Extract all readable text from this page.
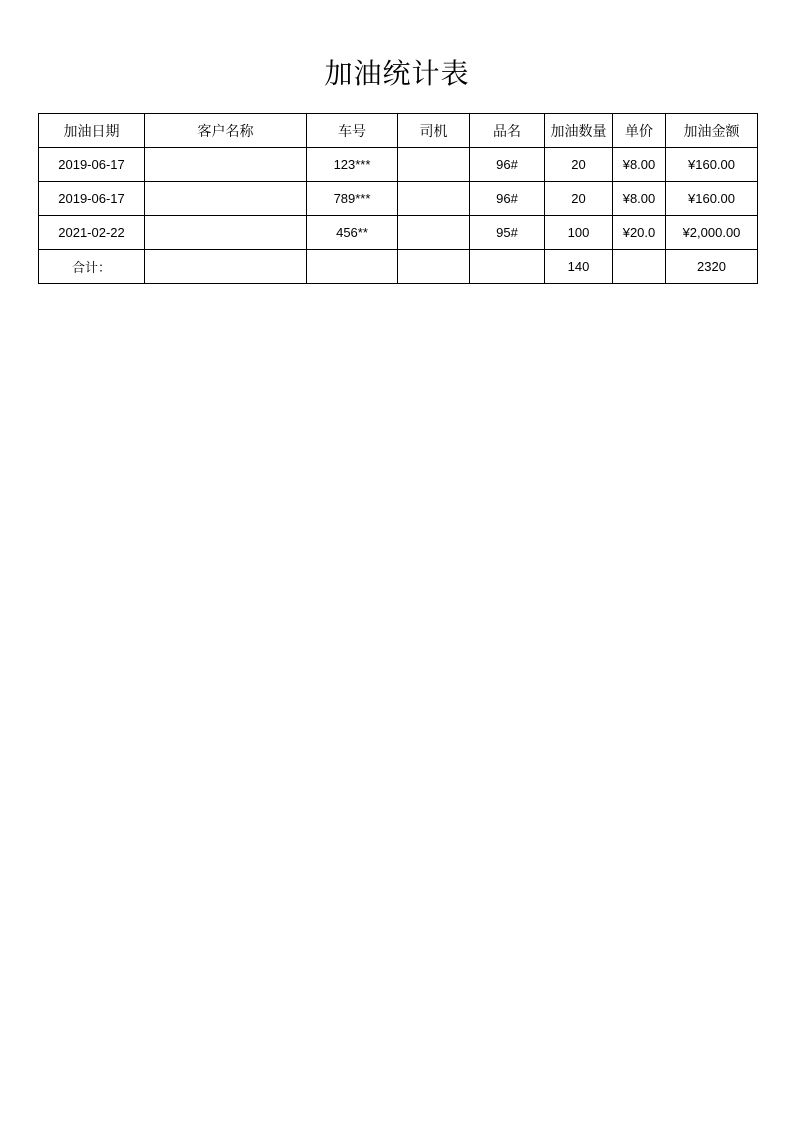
加油统计表
加油日期	客户名称	车号	司机	品名	加油数量	单价	加油金额
2019-06-17		123***		96#	20	¥8.00	¥160.00
2019-06-17		789***		96#	20	¥8.00	¥160.00
2021-02-22		456**		95#	100	¥20.0	¥2,000.00
合计：					140		2320
